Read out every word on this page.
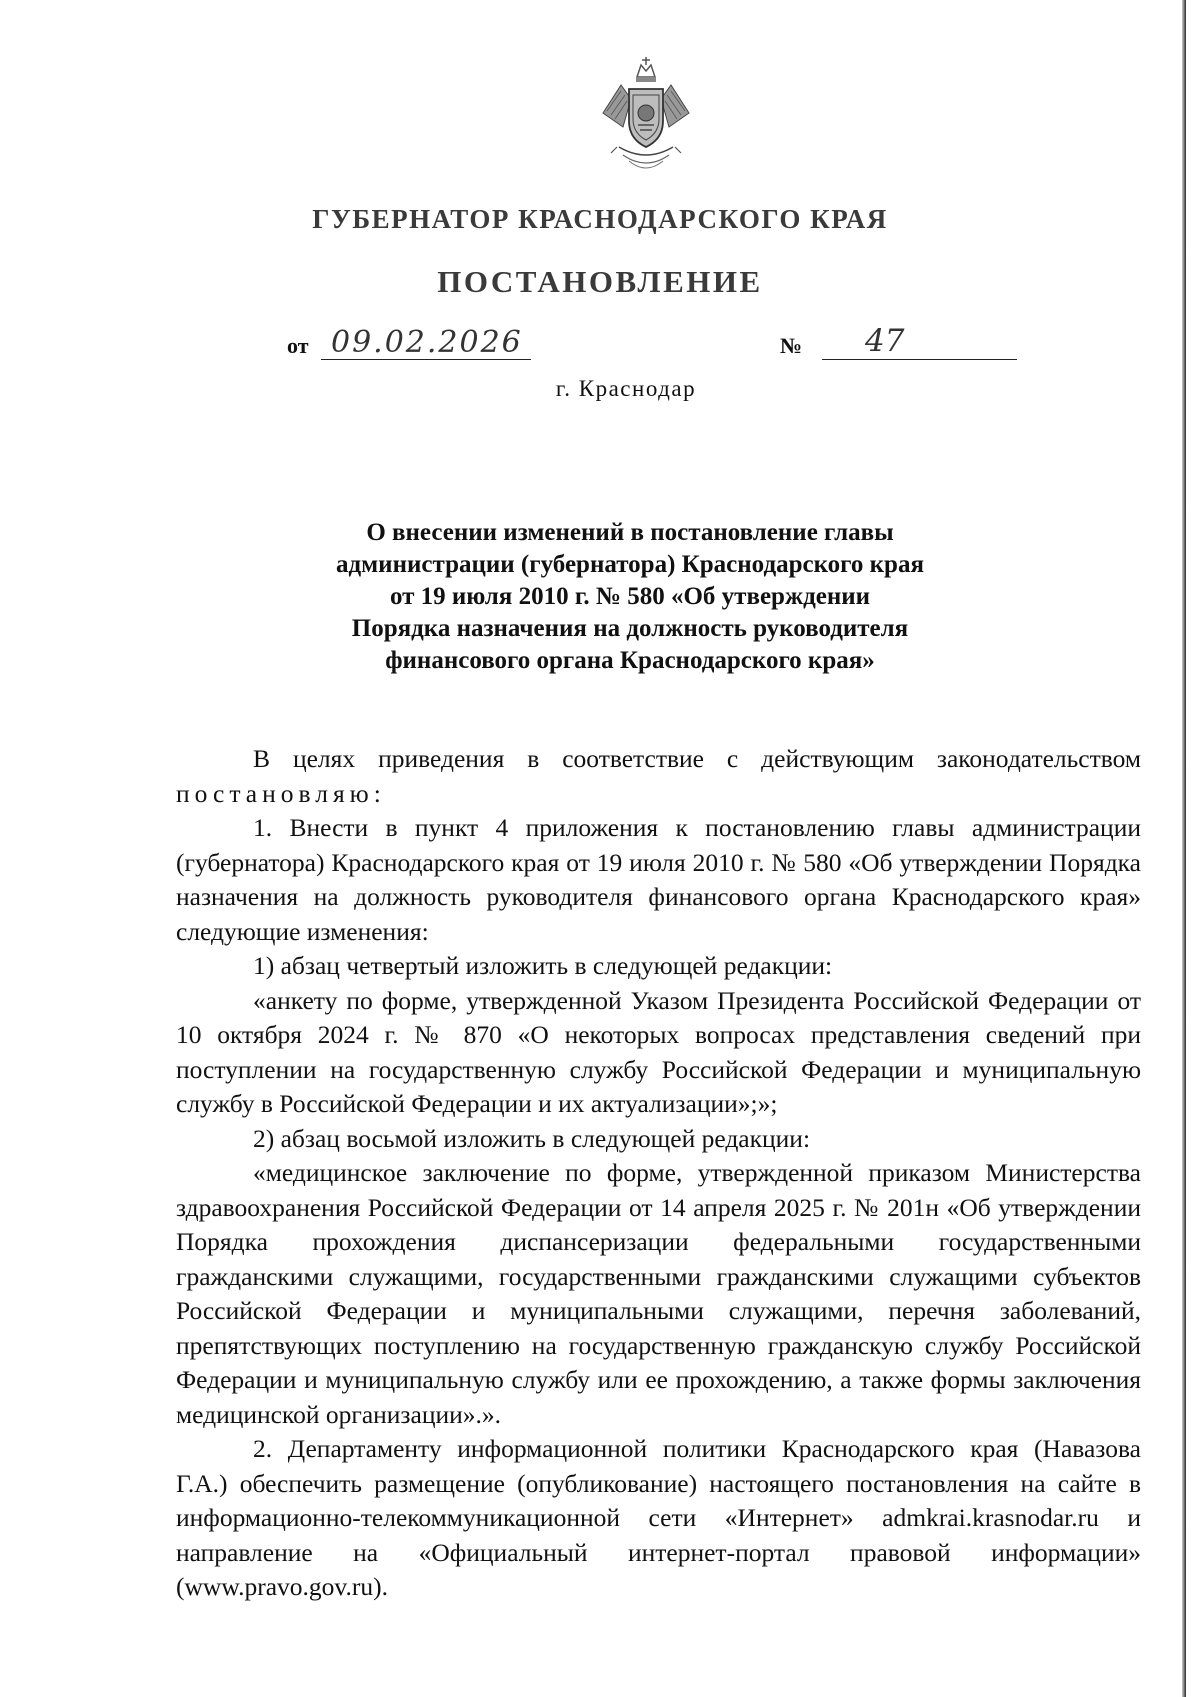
ГУБЕРНАТОР КРАСНОДАРСКОГО КРАЯ
ПОСТАНОВЛЕНИЕ
от 09.02.2026	№ 47
г. Краснодар
О внесении изменений в постановление главы
администрации (губернатора) Краснодарского края
от 19 июля 2010 г. № 580 «Об утверждении
Порядка назначения на должность руководителя
финансового органа Краснодарского края»

В целях приведения в соответствие с действующим законодательством

постановляю:

1. Внести в пункт 4 приложения к постановлению главы администрации (губернатора) Краснодарского края от 19 июля 2010 г. № 580 «Об утверждении Порядка назначения на должность руководителя финансового органа Краснодарского края» следующие изменения:

1) абзац четвертый изложить в следующей редакции:

«анкету по форме, утвержденной Указом Президента Российской Федерации от 10 октября 2024 г. № 870 «О некоторых вопросах представления сведений при поступлении на государственную службу Российской Федерации и муниципальную службу в Российской Федерации и их актуализации»;»;

2) абзац восьмой изложить в следующей редакции:

«медицинское заключение по форме, утвержденной приказом Министерства здравоохранения Российской Федерации от 14 апреля 2025 г. № 201н «Об утверждении Порядка прохождения диспансеризации федеральными государственными гражданскими служащими, государственными гражданскими служащими субъектов Российской Федерации и муниципальными служащими, перечня заболеваний, препятствующих поступлению на государственную гражданскую службу Российской Федерации и муниципальную службу или ее прохождению, а также формы заключения медицинской организации».».

2. Департаменту информационной политики Краснодарского края (Навазова Г.А.) обеспечить размещение (опубликование) настоящего постановления на сайте в информационно-телекоммуникационной сети «Интернет» admkrai.krasnodar.ru и направление на «Официальный интернет-портал правовой информации» (www.pravo.gov.ru).
